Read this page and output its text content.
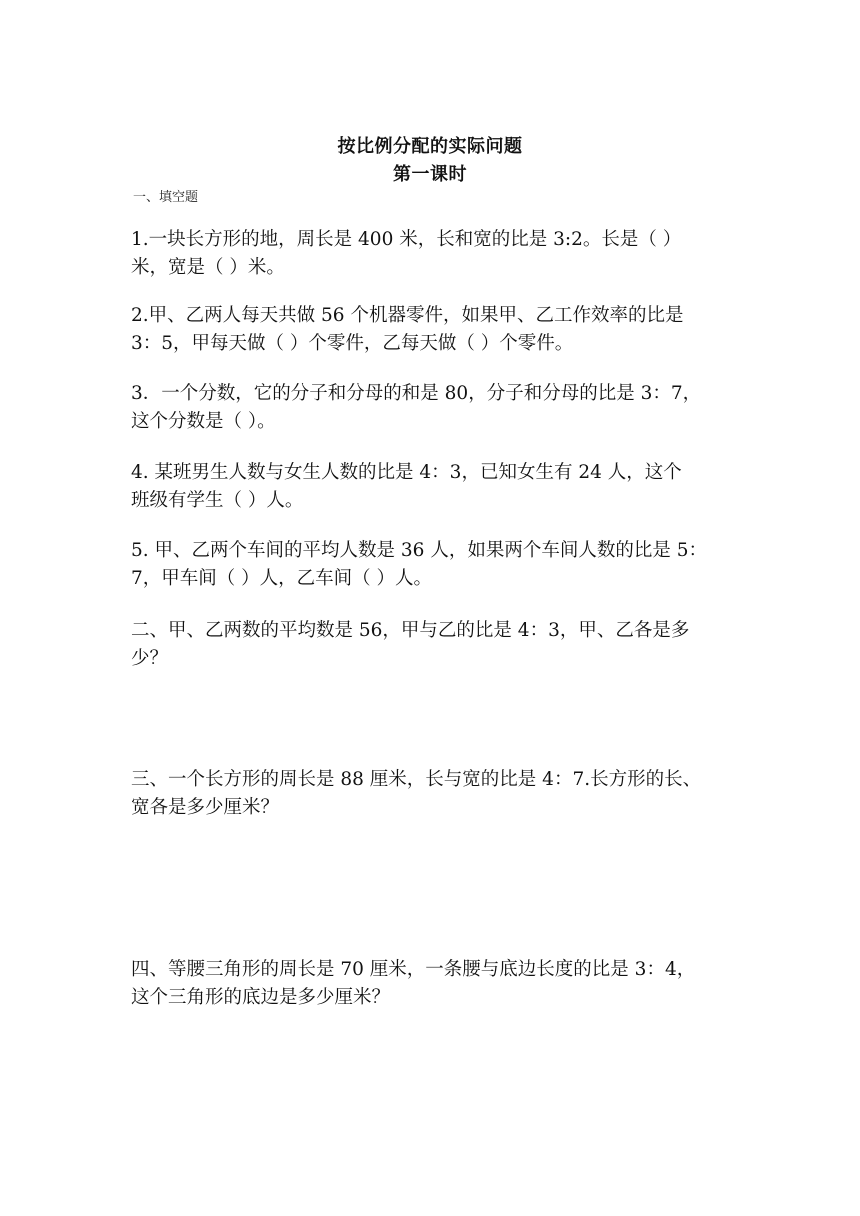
按比例分配的实际问题
第一课时
一、填空题
1.一块长方形的地，周长是 400 米，长和宽的比是 3:2。长是（ ）
米，宽是（ ）米。
2.甲、乙两人每天共做 56 个机器零件，如果甲、乙工作效率的比是
3：5，甲每天做（ ）个零件，乙每天做（ ）个零件。
3．一个分数，它的分子和分母的和是 80，分子和分母的比是 3：7，
这个分数是（ ）。
4. 某班男生人数与女生人数的比是 4：3，已知女生有 24 人，这个
班级有学生（ ）人。
5. 甲、乙两个车间的平均人数是 36 人，如果两个车间人数的比是 5：
7，甲车间（ ）人，乙车间（ ）人。
二、甲、乙两数的平均数是 56，甲与乙的比是 4：3，甲、乙各是多
少？
三、一个长方形的周长是 88 厘米，长与宽的比是 4：7.长方形的长、
宽各是多少厘米？
四、等腰三角形的周长是 70 厘米，一条腰与底边长度的比是 3：4，
这个三角形的底边是多少厘米？
